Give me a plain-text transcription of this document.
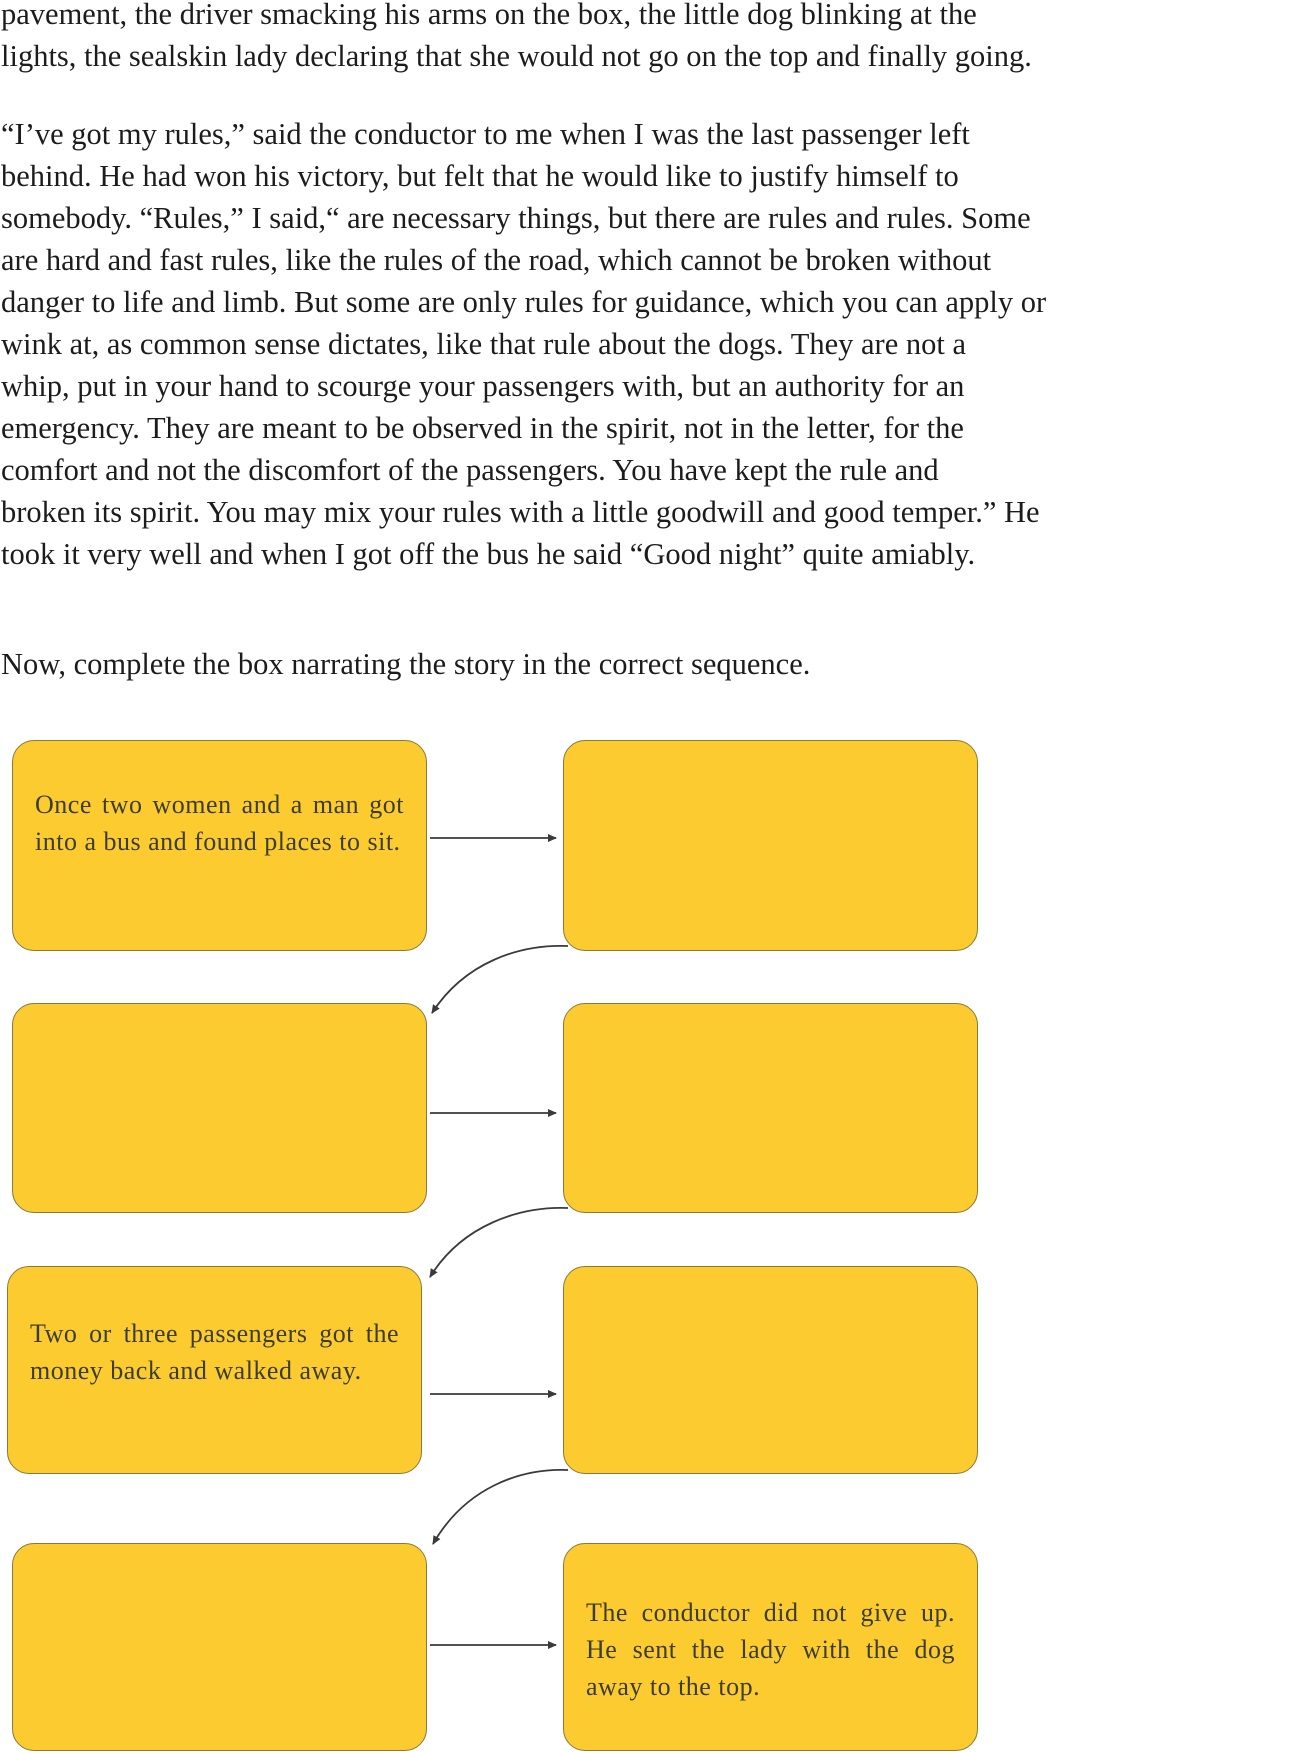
pavement, the driver smacking his arms on the box, the little dog blinking at the
lights, the sealskin lady declaring that she would not go on the top and finally going.
“I’ve got my rules,” said the conductor to me when I was the last passenger left
behind. He had won his victory, but felt that he would like to justify himself to
somebody. “Rules,” I said,“ are necessary things, but there are rules and rules. Some
are hard and fast rules, like the rules of the road, which cannot be broken without
danger to life and limb. But some are only rules for guidance, which you can apply or
wink at, as common sense dictates, like that rule about the dogs. They are not a
whip, put in your hand to scourge your passengers with, but an authority for an
emergency. They are meant to be observed in the spirit, not in the letter, for the
comfort and not the discomfort of the passengers. You have kept the rule and
broken its spirit. You may mix your rules with a little goodwill and good temper.” He
took it very well and when I got off the bus he said “Good night” quite amiably.
Now, complete the box narrating the story in the correct sequence.
Once two women and a man got into a bus and found places to sit.
Two or three passengers got the money back and walked away.
The conductor did not give up. He sent the lady with the dog away to the top.
